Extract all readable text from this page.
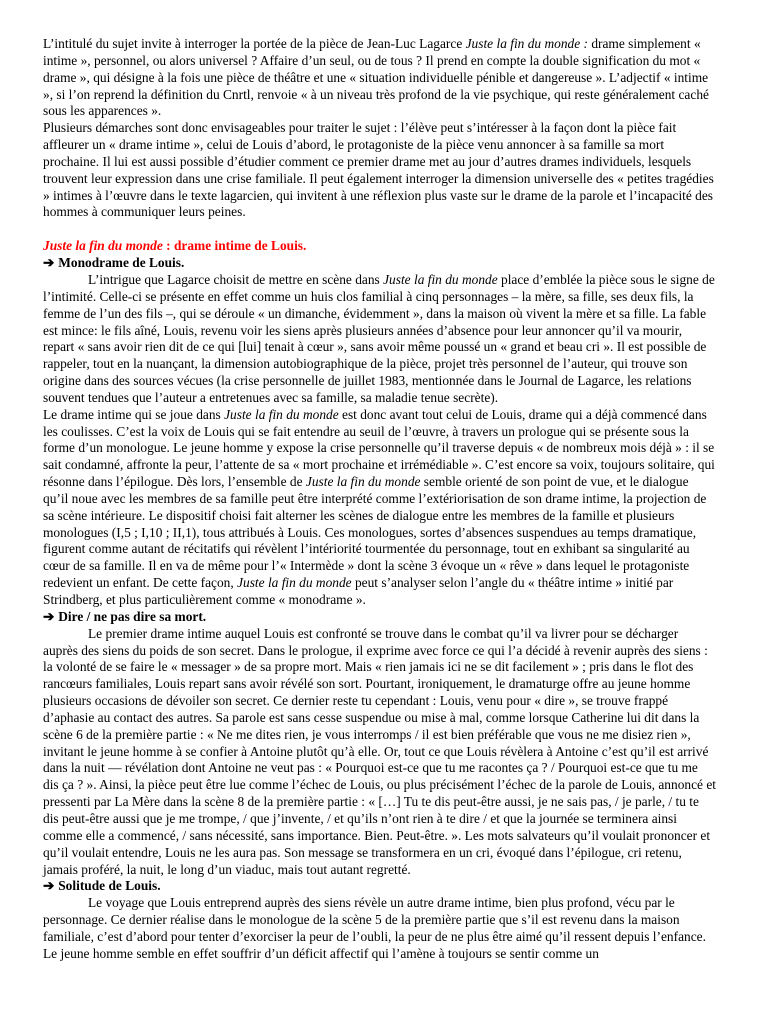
L’intitulé du sujet invite à interroger la portée de la pièce de Jean-Luc Lagarce Juste la fin du monde : drame simplement « intime », personnel, ou alors universel ? Affaire d’un seul, ou de tous ? Il prend en compte la double signification du mot « drame », qui désigne à la fois une pièce de théâtre et une « situation individuelle pénible et dangereuse ». L’adjectif « intime », si l’on reprend la définition du Cnrtl, renvoie « à un niveau très profond de la vie psychique, qui reste généralement caché sous les apparences ».

Plusieurs démarches sont donc envisageables pour traiter le sujet : l’élève peut s’intéresser à la façon dont la pièce fait affleurer un « drame intime », celui de Louis d’abord, le protagoniste de la pièce venu annoncer à sa famille sa mort prochaine. Il lui est aussi possible d’étudier comment ce premier drame met au jour d’autres drames individuels, lesquels trouvent leur expression dans une crise familiale. Il peut également interroger la dimension universelle des « petites tragédies » intimes à l’œuvre dans le texte lagarcien, qui invitent à une réflexion plus vaste sur le drame de la parole et l’incapacité des hommes à communiquer leurs peines.

Juste la fin du monde : drame intime de Louis.

➔ Monodrame de Louis.

L’intrigue que Lagarce choisit de mettre en scène dans Juste la fin du monde place d’emblée la pièce sous le signe de l’intimité. Celle-ci se présente en effet comme un huis clos familial à cinq personnages – la mère, sa fille, ses deux fils, la femme de l’un des fils –, qui se déroule « un dimanche, évidemment », dans la maison où vivent la mère et sa fille. La fable est mince: le fils aîné, Louis, revenu voir les siens après plusieurs années d’absence pour leur annoncer qu’il va mourir, repart « sans avoir rien dit de ce qui [lui] tenait à cœur », sans avoir même poussé un « grand et beau cri ». Il est possible de rappeler, tout en la nuançant, la dimension autobiographique de la pièce, projet très personnel de l’auteur, qui trouve son origine dans des sources vécues (la crise personnelle de juillet 1983, mentionnée dans le Journal de Lagarce, les relations souvent tendues que l’auteur a entretenues avec sa famille, sa maladie tenue secrète).

Le drame intime qui se joue dans Juste la fin du monde est donc avant tout celui de Louis, drame qui a déjà commencé dans les coulisses. C’est la voix de Louis qui se fait entendre au seuil de l’œuvre, à travers un prologue qui se présente sous la forme d’un monologue. Le jeune homme y expose la crise personnelle qu’il traverse depuis « de nombreux mois déjà » : il se sait condamné, affronte la peur, l’attente de sa « mort prochaine et irrémédiable ». C’est encore sa voix, toujours solitaire, qui résonne dans l’épilogue. Dès lors, l’ensemble de Juste la fin du monde semble orienté de son point de vue, et le dialogue qu’il noue avec les membres de sa famille peut être interprété comme l’extériorisation de son drame intime, la projection de sa scène intérieure. Le dispositif choisi fait alterner les scènes de dialogue entre les membres de la famille et plusieurs monologues (I,5 ; I,10 ; II,1), tous attribués à Louis. Ces monologues, sortes d’absences suspendues au temps dramatique, figurent comme autant de récitatifs qui révèlent l’intériorité tourmentée du personnage, tout en exhibant sa singularité au cœur de sa famille. Il en va de même pour l’« Intermède » dont la scène 3 évoque un « rêve » dans lequel le protagoniste redevient un enfant. De cette façon, Juste la fin du monde peut s’analyser selon l’angle du « théâtre intime » initié par Strindberg, et plus particulièrement comme « monodrame ».

➔ Dire / ne pas dire sa mort.

Le premier drame intime auquel Louis est confronté se trouve dans le combat qu’il va livrer pour se décharger auprès des siens du poids de son secret. Dans le prologue, il exprime avec force ce qui l’a décidé à revenir auprès des siens : la volonté de se faire le « messager » de sa propre mort. Mais « rien jamais ici ne se dit facilement » ; pris dans le flot des rancœurs familiales, Louis repart sans avoir révélé son sort. Pourtant, ironiquement, le dramaturge offre au jeune homme plusieurs occasions de dévoiler son secret. Ce dernier reste tu cependant : Louis, venu pour « dire », se trouve frappé d’aphasie au contact des autres. Sa parole est sans cesse suspendue ou mise à mal, comme lorsque Catherine lui dit dans la scène 6 de la première partie : « Ne me dites rien, je vous interromps / il est bien préférable que vous ne me disiez rien », invitant le jeune homme à se confier à Antoine plutôt qu’à elle. Or, tout ce que Louis révèlera à Antoine c’est qu’il est arrivé dans la nuit — révélation dont Antoine ne veut pas : « Pourquoi est-ce que tu me racontes ça ? / Pourquoi est-ce que tu me dis ça ? ». Ainsi, la pièce peut être lue comme l’échec de Louis, ou plus précisément l’échec de la parole de Louis, annoncé et pressenti par La Mère dans la scène 8 de la première partie : « […] Tu te dis peut-être aussi, je ne sais pas, / je parle, / tu te dis peut-être aussi que je me trompe, / que j’invente, / et qu’ils n’ont rien à te dire / et que la journée se terminera ainsi comme elle a commencé, / sans nécessité, sans importance. Bien. Peut-être. ». Les mots salvateurs qu’il voulait prononcer et qu’il voulait entendre, Louis ne les aura pas. Son message se transformera en un cri, évoqué dans l’épilogue, cri retenu, jamais proféré, la nuit, le long d’un viaduc, mais tout autant regretté.

➔ Solitude de Louis.

Le voyage que Louis entreprend auprès des siens révèle un autre drame intime, bien plus profond, vécu par le personnage. Ce dernier réalise dans le monologue de la scène 5 de la première partie que s’il est revenu dans la maison familiale, c’est d’abord pour tenter d’exorciser la peur de l’oubli, la peur de ne plus être aimé qu’il ressent depuis l’enfance. Le jeune homme semble en effet souffrir d’un déficit affectif qui l’amène à toujours se sentir comme un
